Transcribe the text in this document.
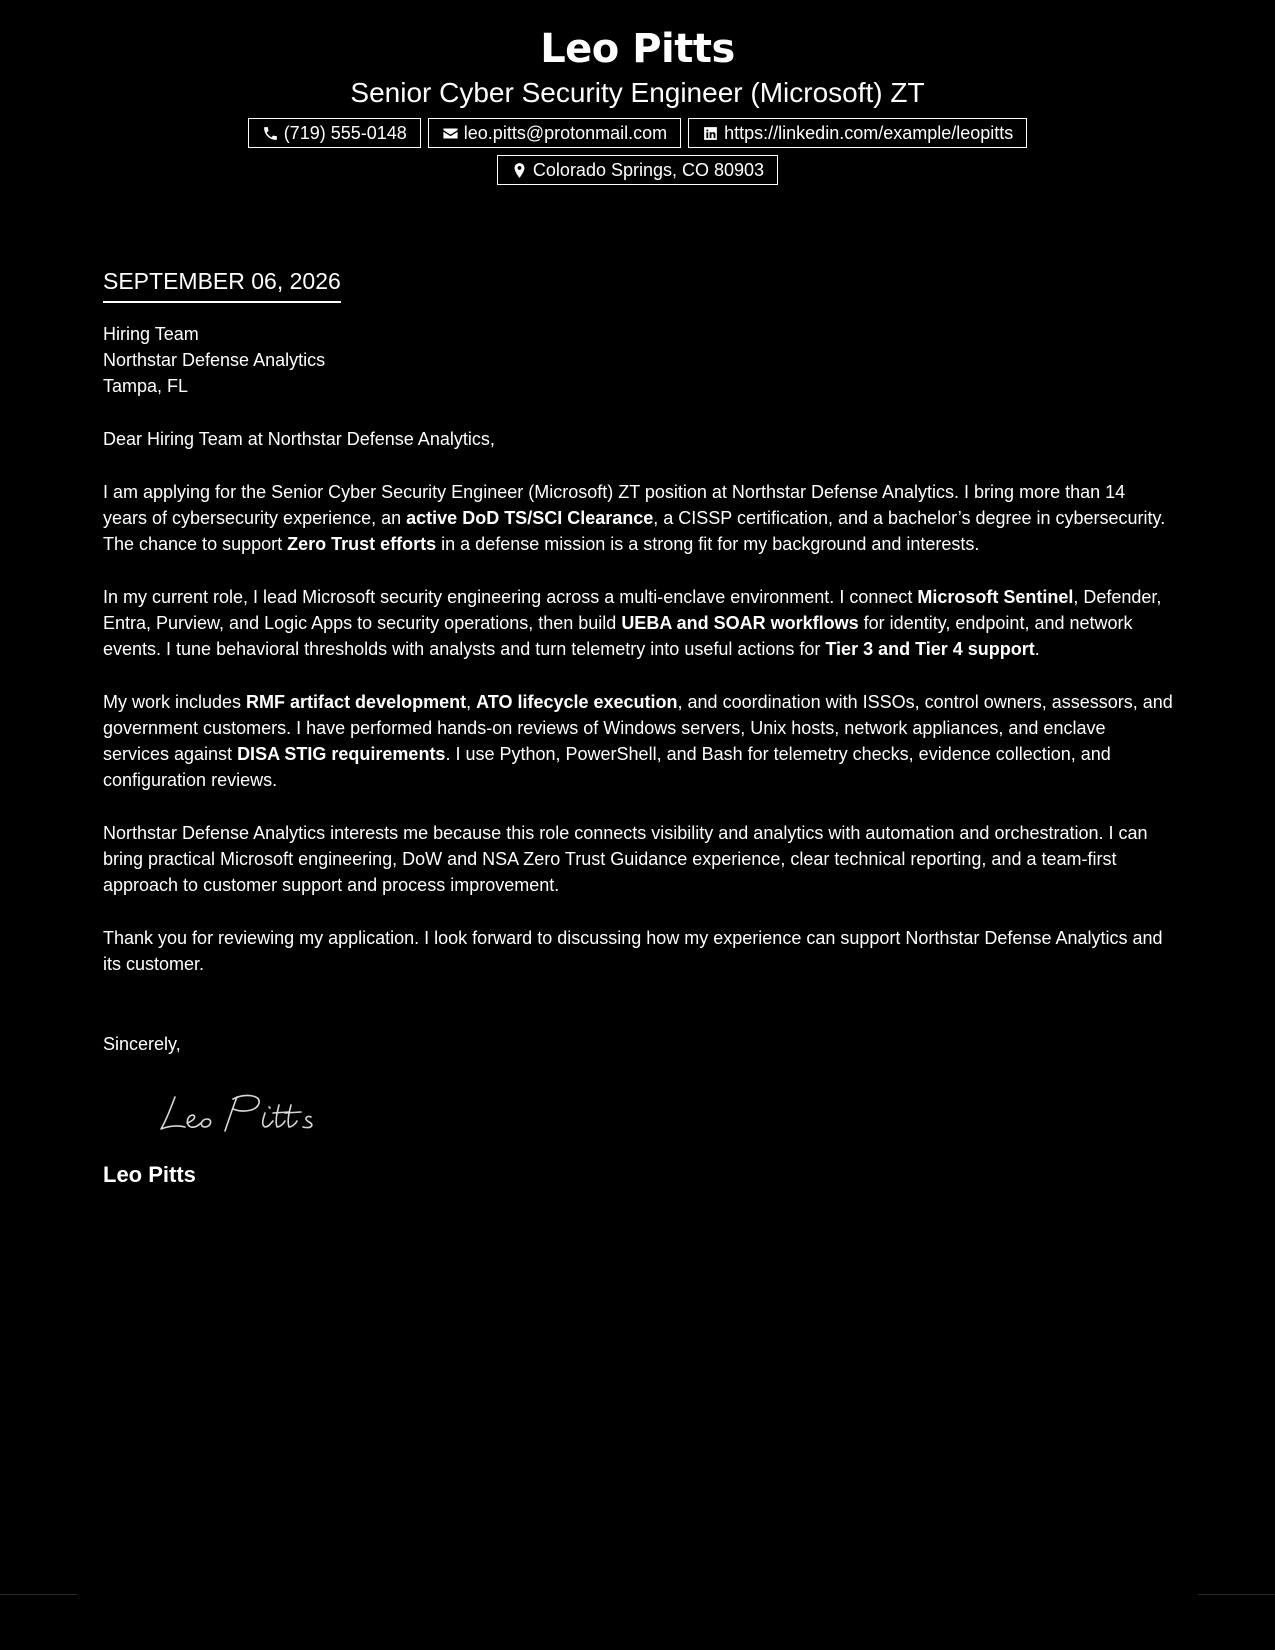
Leo Pitts
Senior Cyber Security Engineer (Microsoft) ZT
(719) 555-0148	leo.pitts@protonmail.com	https://linkedin.com/example/leopitts
Colorado Springs, CO 80903
SEPTEMBER 06, 2026
Hiring Team
Northstar Defense Analytics
Tampa, FL
Dear Hiring Team at Northstar Defense Analytics,
I am applying for the Senior Cyber Security Engineer (Microsoft) ZT position at Northstar Defense Analytics. I bring more than 14 years of cybersecurity experience, an active DoD TS/SCI Clearance, a CISSP certification, and a bachelor’s degree in cybersecurity. The chance to support Zero Trust efforts in a defense mission is a strong fit for my background and interests.
In my current role, I lead Microsoft security engineering across a multi-enclave environment. I connect Microsoft Sentinel, Defender, Entra, Purview, and Logic Apps to security operations, then build UEBA and SOAR workflows for identity, endpoint, and network events. I tune behavioral thresholds with analysts and turn telemetry into useful actions for Tier 3 and Tier 4 support.
My work includes RMF artifact development, ATO lifecycle execution, and coordination with ISSOs, control owners, assessors, and government customers. I have performed hands-on reviews of Windows servers, Unix hosts, network appliances, and enclave services against DISA STIG requirements. I use Python, PowerShell, and Bash for telemetry checks, evidence collection, and configuration reviews.
Northstar Defense Analytics interests me because this role connects visibility and analytics with automation and orchestration. I can bring practical Microsoft engineering, DoW and NSA Zero Trust Guidance experience, clear technical reporting, and a team-first approach to customer support and process improvement.
Thank you for reviewing my application. I look forward to discussing how my experience can support Northstar Defense Analytics and its customer.
Sincerely,
Leo Pitts
